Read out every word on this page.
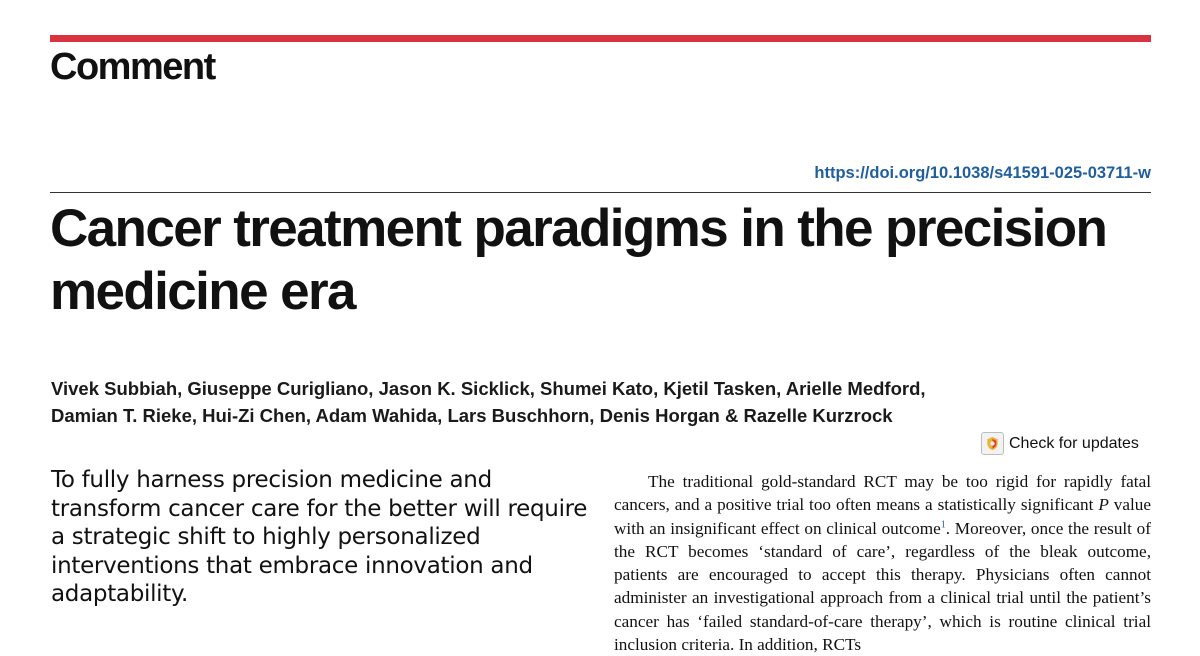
Comment
https://doi.org/10.1038/s41591-025-03711-w
Cancer treatment paradigms in the precision medicine era

Vivek Subbiah, Giuseppe Curigliano, Jason K. Sicklick, Shumei Kato, Kjetil Tasken, Arielle Medford, Damian T. Rieke, Hui-Zi Chen, Adam Wahida, Lars Buschhorn, Denis Horgan & Razelle Kurzrock

Check for updates

To fully harness precision medicine and transform cancer care for the better will require a strategic shift to highly personalized interventions that embrace innovation and adaptability.

The traditional gold-standard RCT may be too rigid for rapidly fatal cancers, and a positive trial too often means a statistically significant P value with an insignificant effect on clinical outcome$^1$. Moreover, once the result of the RCT becomes ‘standard of care’, regardless of the bleak outcome, patients are encouraged to accept this therapy. Physicians often cannot administer an investigational approach from a clinical trial until the patient’s cancer has ‘failed standard-of-care therapy’, which is routine clinical trial inclusion criteria. In addition, RCTs
